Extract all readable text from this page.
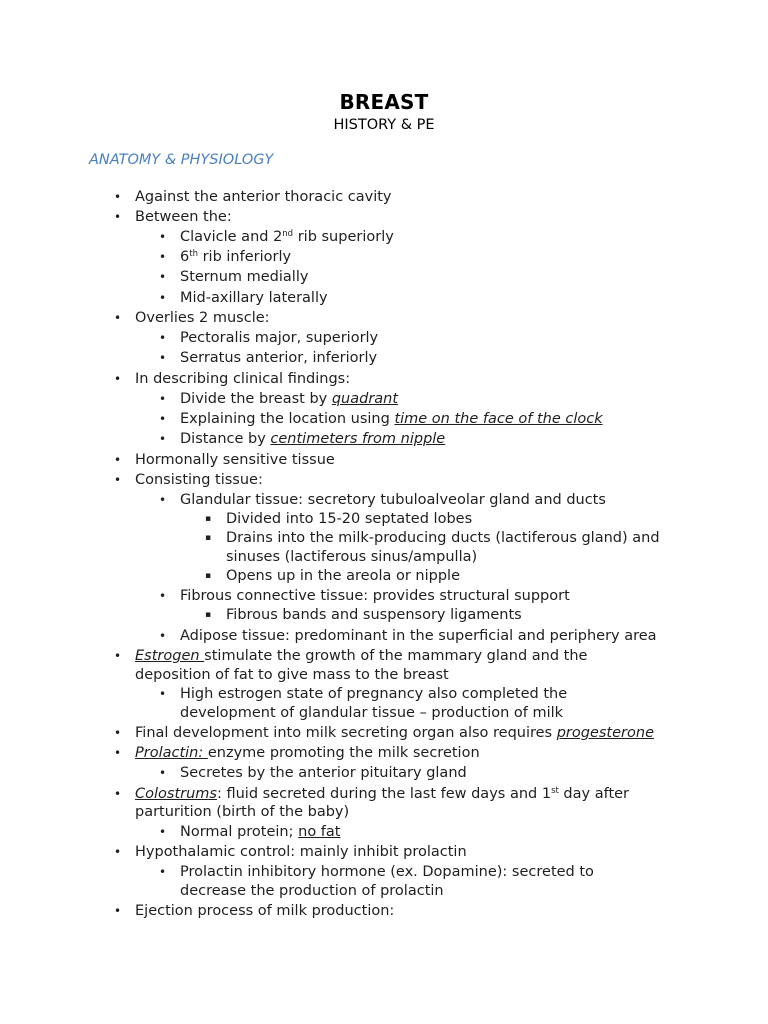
BREAST
HISTORY & PE
ANATOMY & PHYSIOLOGY
• Against the anterior thoracic cavity
• Between the:
• Clavicle and 2nd rib superiorly
• 6th rib inferiorly
• Sternum medially
• Mid-axillary laterally
• Overlies 2 muscle:
• Pectoralis major, superiorly
• Serratus anterior, inferiorly
• In describing clinical findings:
• Divide the breast by quadrant
• Explaining the location using time on the face of the clock
• Distance by centimeters from nipple
• Hormonally sensitive tissue
• Consisting tissue:
• Glandular tissue: secretory tubuloalveolar gland and ducts
▪ Divided into 15-20 septated lobes
▪ Drains into the milk-producing ducts (lactiferous gland) and
sinuses (lactiferous sinus/ampulla)
▪ Opens up in the areola or nipple
• Fibrous connective tissue: provides structural support
▪ Fibrous bands and suspensory ligaments
• Adipose tissue: predominant in the superficial and periphery area
• Estrogen stimulate the growth of the mammary gland and the
deposition of fat to give mass to the breast
• High estrogen state of pregnancy also completed the
development of glandular tissue – production of milk
• Final development into milk secreting organ also requires progesterone
• Prolactin: enzyme promoting the milk secretion
• Secretes by the anterior pituitary gland
• Colostrums: fluid secreted during the last few days and 1st day after
parturition (birth of the baby)
• Normal protein; no fat
• Hypothalamic control: mainly inhibit prolactin
• Prolactin inhibitory hormone (ex. Dopamine): secreted to
decrease the production of prolactin
• Ejection process of milk production:
